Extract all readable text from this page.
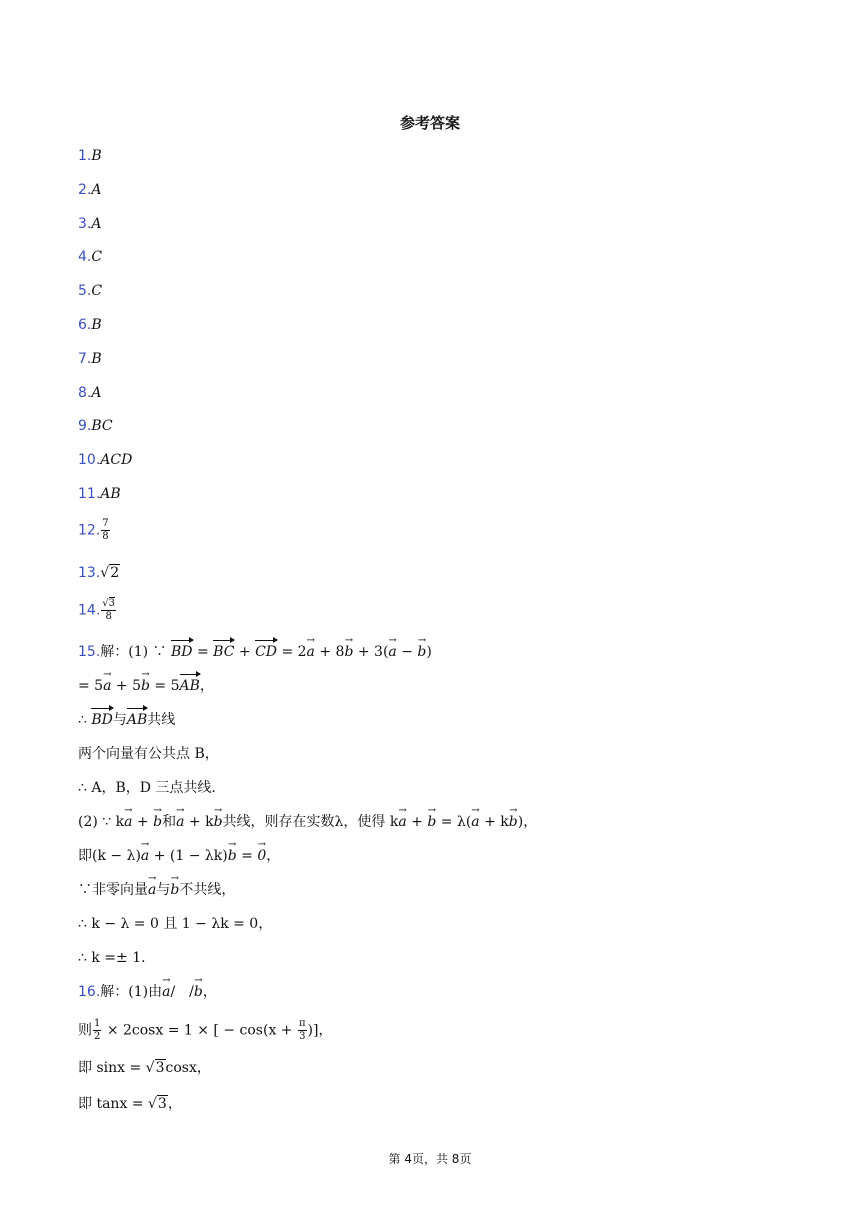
参考答案
1.B
2.A
3.A
4.C
5.C
6.B
7.B
8.A
9.BC
10.ACD
11.AB
12. $\frac{7}{8}$
13.√2
14. $\frac{√3}{8}$
15.解：(1) ∵ BD = BC + CD = 2→ a + 8→ b + 3(→ a − → b)
= 5→ a + 5→ b = 5AB，
∴ BD与AB共线
两个向量有公共点 B，
∴ A，B，D 三点共线．
(2) ∵ k→ a + → b和→ a + k→ b共线，则存在实数λ，使得 k→ a + → b = λ(→ a + k→ b)，
即(k − λ)→ a + (1 − λk)→ b = → 0，
∵非零向量→ a与→ b不共线，
∴ k − λ = 0 且 1 − λk = 0，
∴ k =± 1．
16.解：(1)由→ a/　/→ b，
则 $\frac{1}{2} \times 2\cos x = 1$ × [ − $\cos(x + \frac{\pi}{3}$ )]，
即 sinx = √3cosx，
即 tanx = √3，
第 4页，共 8页
